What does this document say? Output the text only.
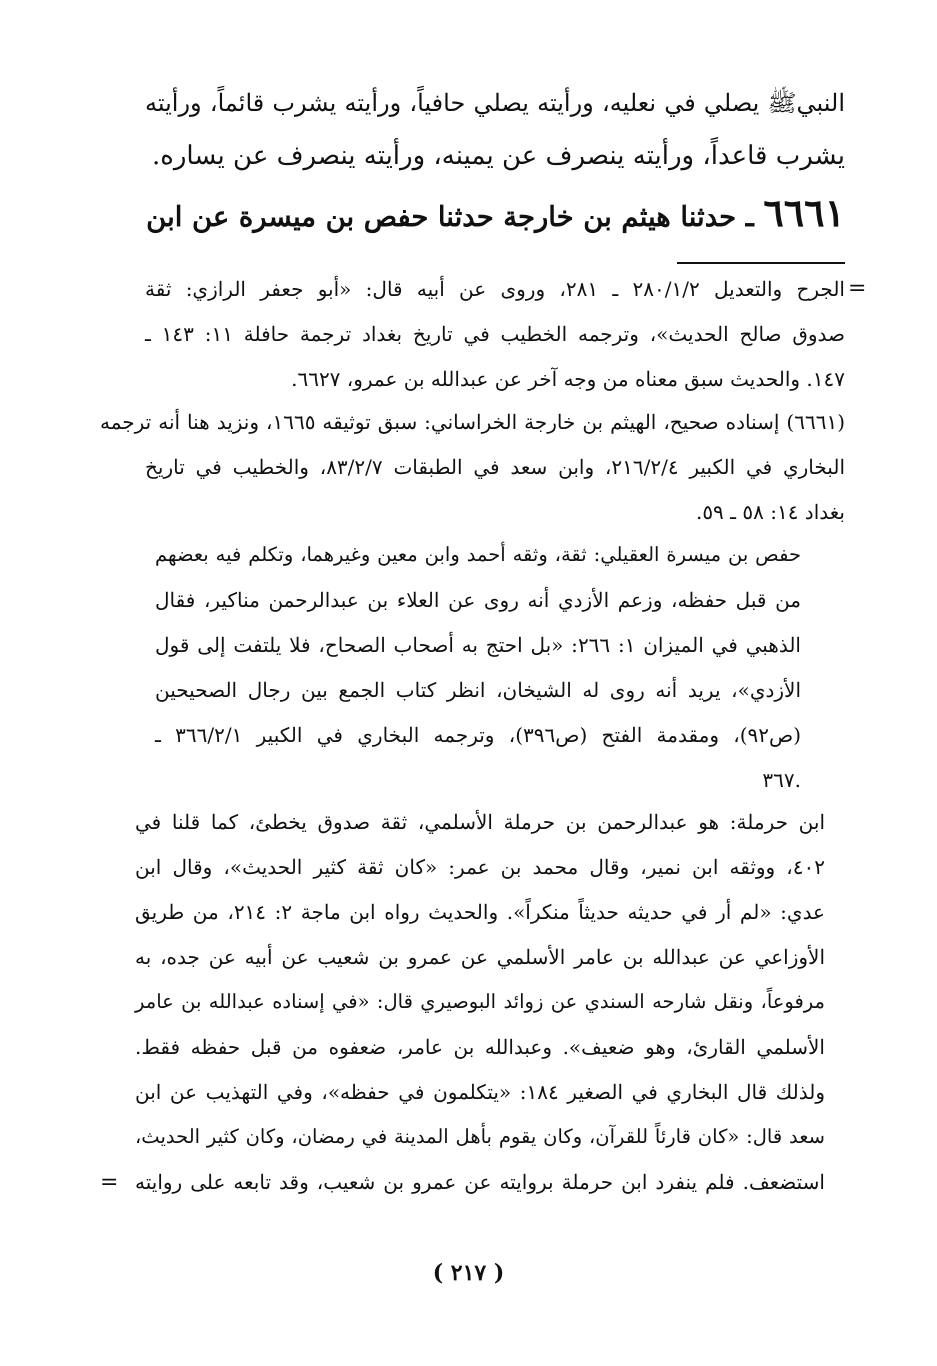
النبيﷺ يصلي في نعليه، ورأيته يصلي حافياً، ورأيته يشرب قائماً، ورأيته
يشرب قاعداً، ورأيته ينصرف عن يمينه، ورأيته ينصرف عن يساره.
٦٦٦١ ـ حدثنا هيثم بن خارجة حدثنا حفص بن ميسرة عن ابن
=
الجرح والتعديل ٢٨٠/١/٢ ـ ٢٨١، وروى عن أبيه قال: «أبو جعفر الرازي: ثقة
صدوق صالح الحديث»، وترجمه الخطيب في تاريخ بغداد ترجمة حافلة ١١: ١٤٣ ـ
١٤٧. والحديث سبق معناه من وجه آخر عن عبدالله بن عمرو، ٦٦٢٧.
(٦٦٦١) إسناده صحيح، الهيثم بن خارجة الخراساني: سبق توثيقه ١٦٦٥، ونزيد هنا أنه ترجمه
البخاري في الكبير ٢١٦/٢/٤، وابن سعد في الطبقات ٨٣/٢/٧، والخطيب في تاريخ
بغداد ١٤: ٥٨ ـ ٥٩.
حفص بن ميسرة العقيلي: ثقة، وثقه أحمد وابن معين وغيرهما، وتكلم فيه بعضهم
من قبل حفظه، وزعم الأزدي أنه روى عن العلاء بن عبدالرحمن مناكير، فقال
الذهبي في الميزان ١: ٢٦٦: «بل احتج به أصحاب الصحاح، فلا يلتفت إلى قول
الأزدي»، يريد أنه روى له الشيخان، انظر كتاب الجمع بين رجال الصحيحين
(ص٩٢)، ومقدمة الفتح (ص٣٩٦)، وترجمه البخاري في الكبير ٣٦٦/٢/١ ـ
٣٦٧.
ابن حرملة: هو عبدالرحمن بن حرملة الأسلمي، ثقة صدوق يخطئ، كما قلنا في
٤٠٢، ووثقه ابن نمير، وقال محمد بن عمر: «كان ثقة كثير الحديث»، وقال ابن
عدي: «لم أر في حديثه حديثاً منكراً». والحديث رواه ابن ماجة ٢: ٢١٤، من طريق
الأوزاعي عن عبدالله بن عامر الأسلمي عن عمرو بن شعيب عن أبيه عن جده، به
مرفوعاً، ونقل شارحه السندي عن زوائد البوصيري قال: «في إسناده عبدالله بن عامر
الأسلمي القارئ، وهو ضعيف». وعبدالله بن عامر، ضعفوه من قبل حفظه فقط.
ولذلك قال البخاري في الصغير ١٨٤: «يتكلمون في حفظه»، وفي التهذيب عن ابن
سعد قال: «كان قارئاً للقرآن، وكان يقوم بأهل المدينة في رمضان، وكان كثير الحديث،
استضعف. فلم ينفرد ابن حرملة بروايته عن عمرو بن شعيب، وقد تابعه على روايته
=
( ٢١٧ )
